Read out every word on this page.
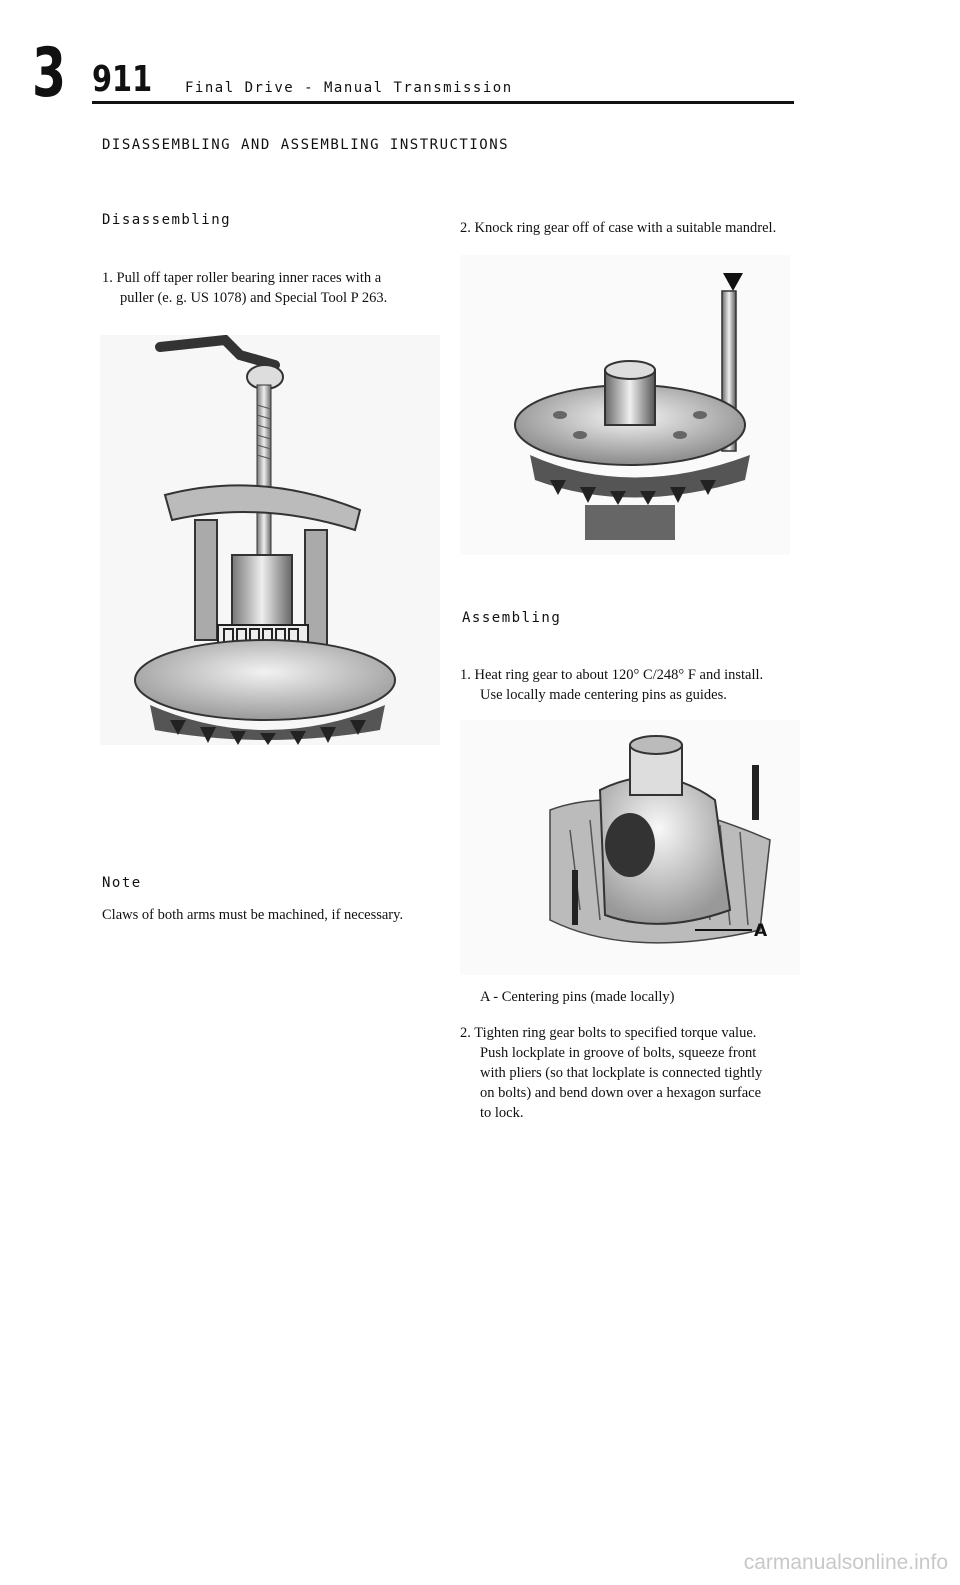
3 911 Final Drive - Manual Transmission
DISASSEMBLING AND ASSEMBLING INSTRUCTIONS
Disassembling
1. Pull off taper roller bearing inner races with a
puller (e. g. US 1078) and Special Tool P 263.
Note
Claws of both arms must be machined, if necessary.
2. Knock ring gear off of case with a suitable mandrel.
Assembling
1. Heat ring gear to about 120° C/248° F and install.
Use locally made centering pins as guides.
A
A - Centering pins (made locally)
2. Tighten ring gear bolts to specified torque value.
Push lockplate in groove of bolts, squeeze front
with pliers (so that lockplate is connected tightly
on bolts) and bend down over a hexagon surface
to lock.
carmanualsonline.info
